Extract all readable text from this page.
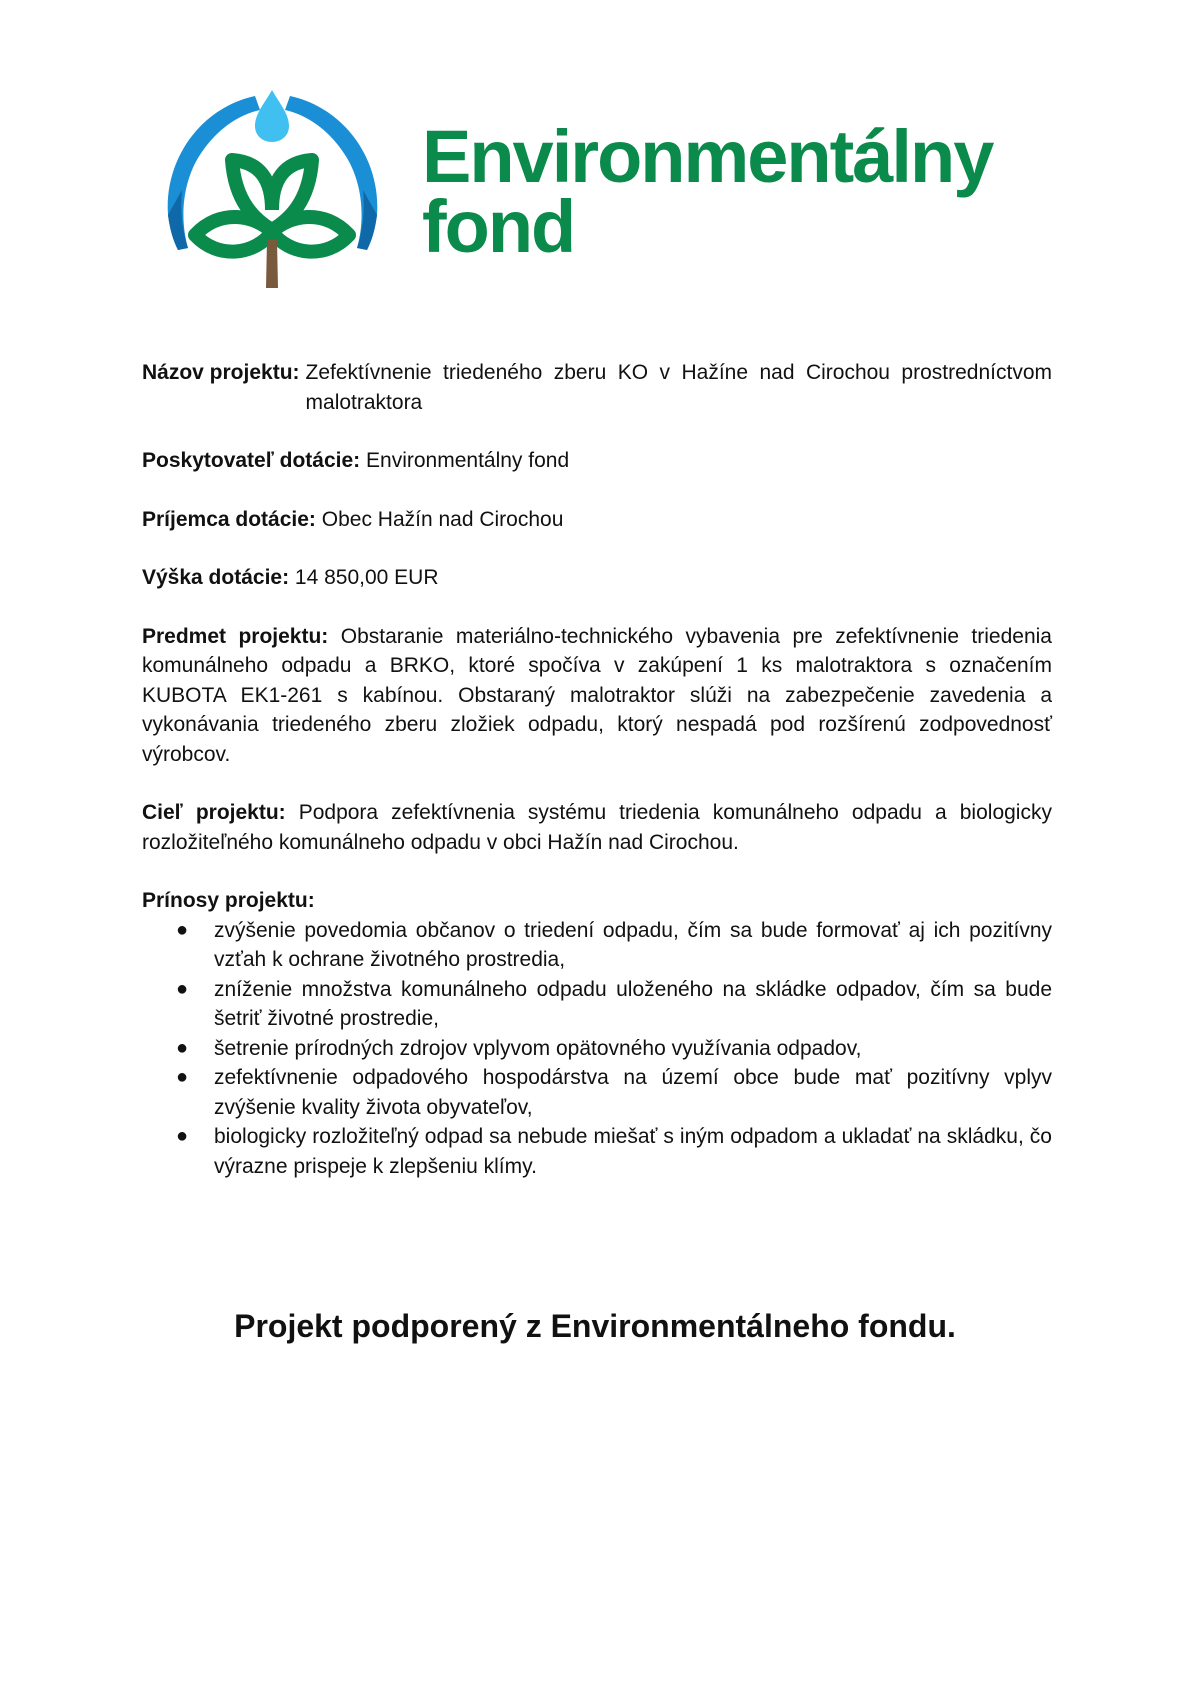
Environmentálny
fond
Názov projektu: Zefektívnenie triedeného zberu KO v Hažíne nad Cirochou prostredníctvom malotraktora
Poskytovateľ dotácie: Environmentálny fond
Príjemca dotácie: Obec Hažín nad Cirochou
Výška dotácie: 14 850,00 EUR
Predmet projektu: Obstaranie materiálno-technického vybavenia pre zefektívnenie triedenia komunálneho odpadu a BRKO, ktoré spočíva v zakúpení 1 ks malotraktora s označením KUBOTA EK1-261 s kabínou. Obstaraný malotraktor slúži na zabezpečenie zavedenia a vykonávania triedeného zberu zložiek odpadu, ktorý nespadá pod rozšírenú zodpovednosť výrobcov.
Cieľ projektu: Podpora zefektívnenia systému triedenia komunálneho odpadu a biologicky rozložiteľného komunálneho odpadu v obci Hažín nad Cirochou.

Prínosy projektu:

● zvýšenie povedomia občanov o triedení odpadu, čím sa bude formovať aj ich pozitívny vzťah k ochrane životného prostredia,
● zníženie množstva komunálneho odpadu uloženého na skládke odpadov, čím sa bude šetriť životné prostredie,
● šetrenie prírodných zdrojov vplyvom opätovného využívania odpadov,
● zefektívnenie odpadového hospodárstva na území obce bude mať pozitívny vplyv zvýšenie kvality života obyvateľov,
● biologicky rozložiteľný odpad sa nebude miešať s iným odpadom a ukladať na skládku, čo výrazne prispeje k zlepšeniu klímy.
Projekt podporený z Environmentálneho fondu.
